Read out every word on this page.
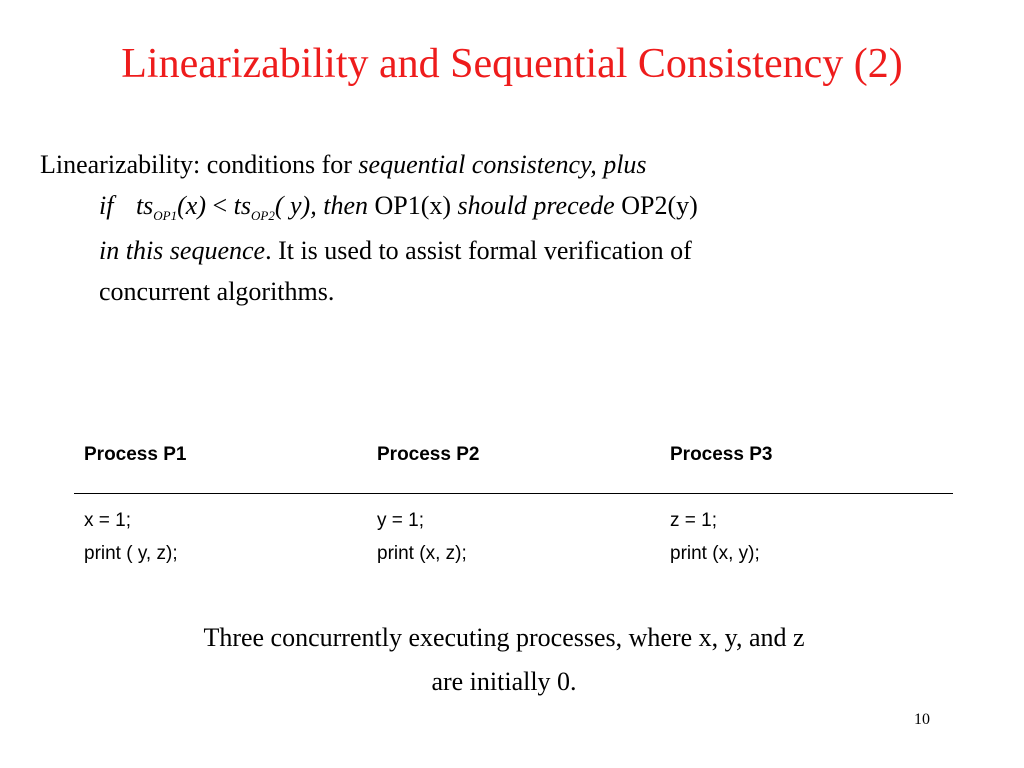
Linearizability and Sequential Consistency (2)
Linearizability: conditions for sequential consistency, plus
if $ts_{OP1}(x) < ts_{OP2}$( y), then OP1(x) should precede OP2(y)
in this sequence. It is used to assist formal verification of
concurrent algorithms.
Process P1	Process P2	Process P3
x = 1;	y = 1;	z = 1;
print ( y, z);	print (x, z);	print (x, y);
Three concurrently executing processes, where x, y, and z
are initially 0.
10
